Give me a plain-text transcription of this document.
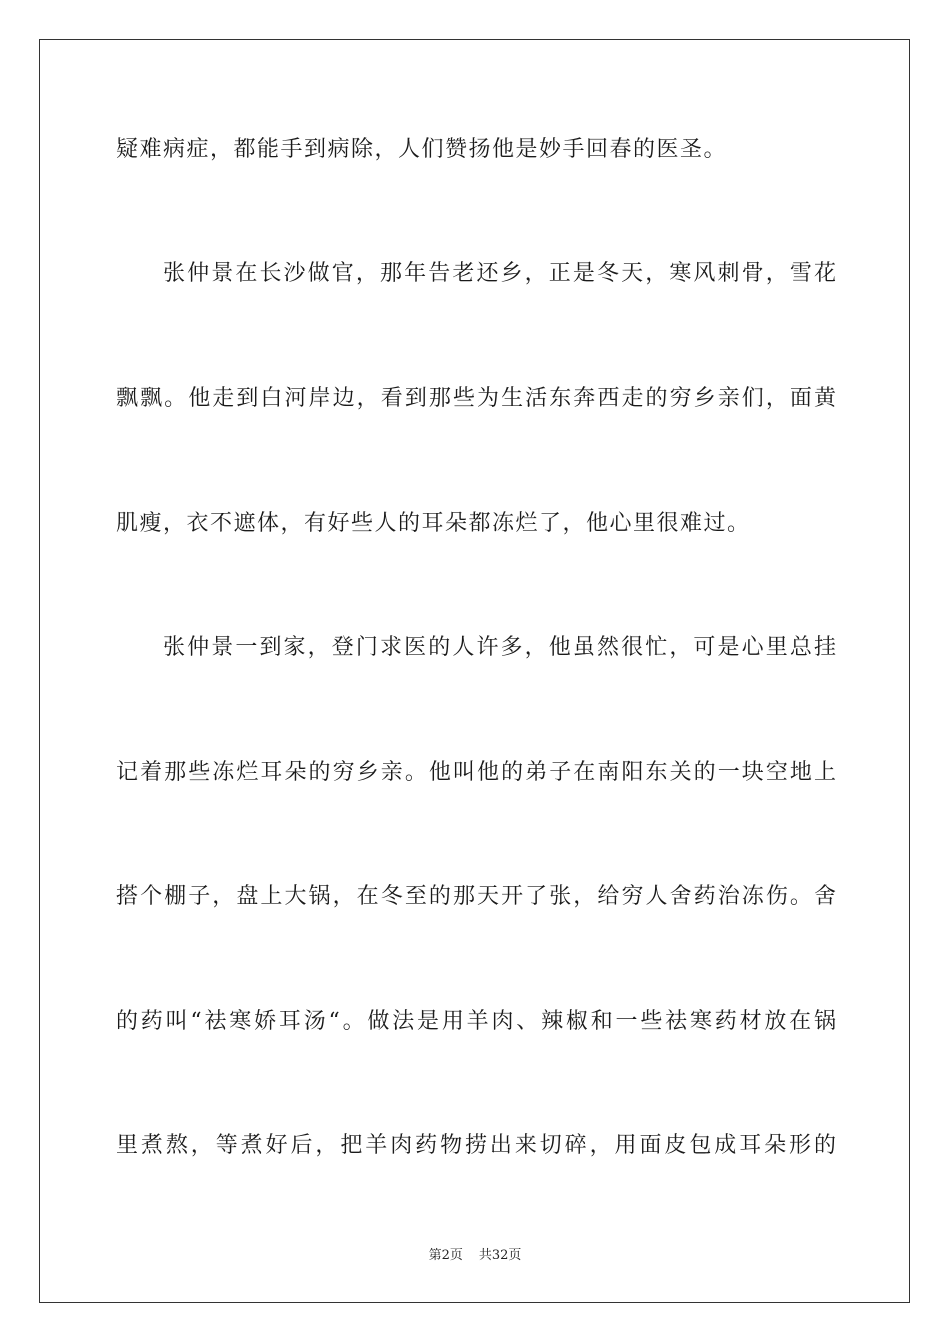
疑难病症，都能手到病除，人们赞扬他是妙手回春的医圣。
张仲景在长沙做官，那年告老还乡，正是冬天，寒风刺骨，雪花
飘飘。他走到白河岸边，看到那些为生活东奔西走的穷乡亲们，面黄
肌瘦，衣不遮体，有好些人的耳朵都冻烂了，他心里很难过。
张仲景一到家，登门求医的人许多，他虽然很忙，可是心里总挂
记着那些冻烂耳朵的穷乡亲。他叫他的弟子在南阳东关的一块空地上
搭个棚子，盘上大锅，在冬至的那天开了张，给穷人舍药治冻伤。舍
的药叫“祛寒娇耳汤“。做法是用羊肉、辣椒和一些祛寒药材放在锅
里煮熬，等煮好后，把羊肉药物捞出来切碎，用面皮包成耳朵形的
第2页 共32页
